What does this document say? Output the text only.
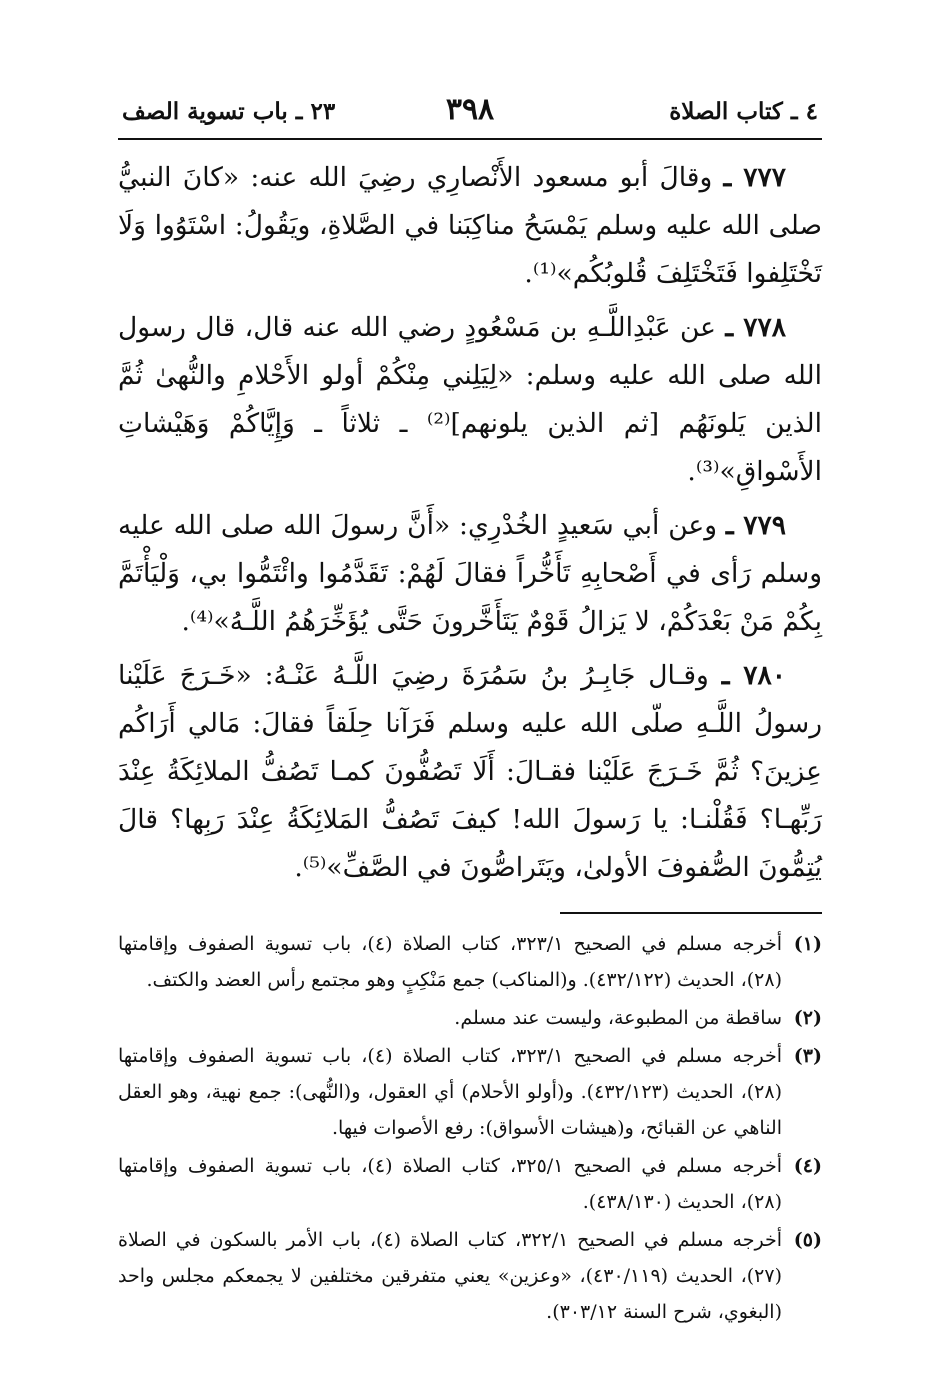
٤ ـ كتاب الصلاة
٣٩٨
٢٣ ـ باب تسوية الصف

٧٧٧ ـ وقالَ أبو مسعود الأَنْصارِي رضِيَ الله عنه: «كانَ النبيُّ صلى الله عليه وسلم يَمْسَحُ مناكِبَنا في الصَّلاةِ، ويَقُولُ: اسْتَوُوا وَلَا تَخْتَلِفوا فَتَخْتَلِفَ قُلوبُكُم»⁽¹⁾.

٧٧٨ ـ عن عَبْدِاللَّـهِ بن مَسْعُودٍ رضي الله عنه قال، قال رسول الله صلى الله عليه وسلم: «لِيَلِني مِنْكُمْ أولو الأَحْلامِ والنُّهىٰ ثُمَّ الذين يَلونَهُم [ثم الذين يلونهم]⁽²⁾ ـ ثلاثاً ـ وَإِيَّاكُمْ وَهَيْشاتِ الأَسْواقِ»⁽³⁾.

٧٧٩ ـ وعن أبي سَعيدٍ الخُدْرِي: «أَنَّ رسولَ الله صلى الله عليه وسلم رَأى في أَصْحابِهِ تَأَخُّراً فقالَ لَهُمْ: تَقَدَّمُوا وائْتَمُّوا بي، وَلْيَأْتَمَّ بِكُمْ مَنْ بَعْدَكُمْ، لا يَزالُ قَوْمٌ يَتَأَخَّرونَ حَتَّى يُؤَخِّرَهُمُ اللَّـهُ»⁽⁴⁾.

٧٨٠ ـ وقـال جَابِـرُ بنُ سَمُرَةَ رضِيَ اللَّـهُ عَنْـهُ: «خَـرَجَ عَلَيْنا رسولُ اللَّـهِ صلّى الله عليه وسلم فَرَآنا حِلَقاً فقالَ: مَالي أَرَاكُم عِزينَ؟ ثُمَّ خَـرَجَ عَلَيْنا فقـالَ: أَلَا تَصُفُّونَ كمـا تَصُفُّ الملائِكَةُ عِنْدَ رَبِّهـا؟ فَقُلْنـا: يا رَسولَ الله! كيفَ تَصُفُّ المَلائِكَةُ عِنْدَ رَبِها؟ قالَ يُتِمُّونَ الصُّفوفَ الأولىٰ، ويَتَراصُّونَ في الصَّفِّ»⁽⁵⁾.

(١)
أخرجه مسلم في الصحيح ٣٢٣/١، كتاب الصلاة (٤)، باب تسوية الصفوف وإقامتها (٢٨)، الحديث (٤٣٢/١٢٢). و(المناكب) جمع مَنْكِبٍ وهو مجتمع رأس العضد والكتف.
(٢)
ساقطة من المطبوعة، وليست عند مسلم.
(٣)
أخرجه مسلم في الصحيح ٣٢٣/١، كتاب الصلاة (٤)، باب تسوية الصفوف وإقامتها (٢٨)، الحديث (٤٣٢/١٢٣). و(أولو الأحلام) أي العقول، و(النُّهى): جمع نهية، وهو العقل الناهي عن القبائح، و(هيشات الأسواق): رفع الأصوات فيها.
(٤)
أخرجه مسلم في الصحيح ٣٢٥/١، كتاب الصلاة (٤)، باب تسوية الصفوف وإقامتها (٢٨)، الحديث (٤٣٨/١٣٠).
(٥)
أخرجه مسلم في الصحيح ٣٢٢/١، كتاب الصلاة (٤)، باب الأمر بالسكون في الصلاة (٢٧)، الحديث (٤٣٠/١١٩)، «وعزين» يعني متفرقين مختلفين لا يجمعكم مجلس واحد (البغوي، شرح السنة ٣٠٣/١٢).
